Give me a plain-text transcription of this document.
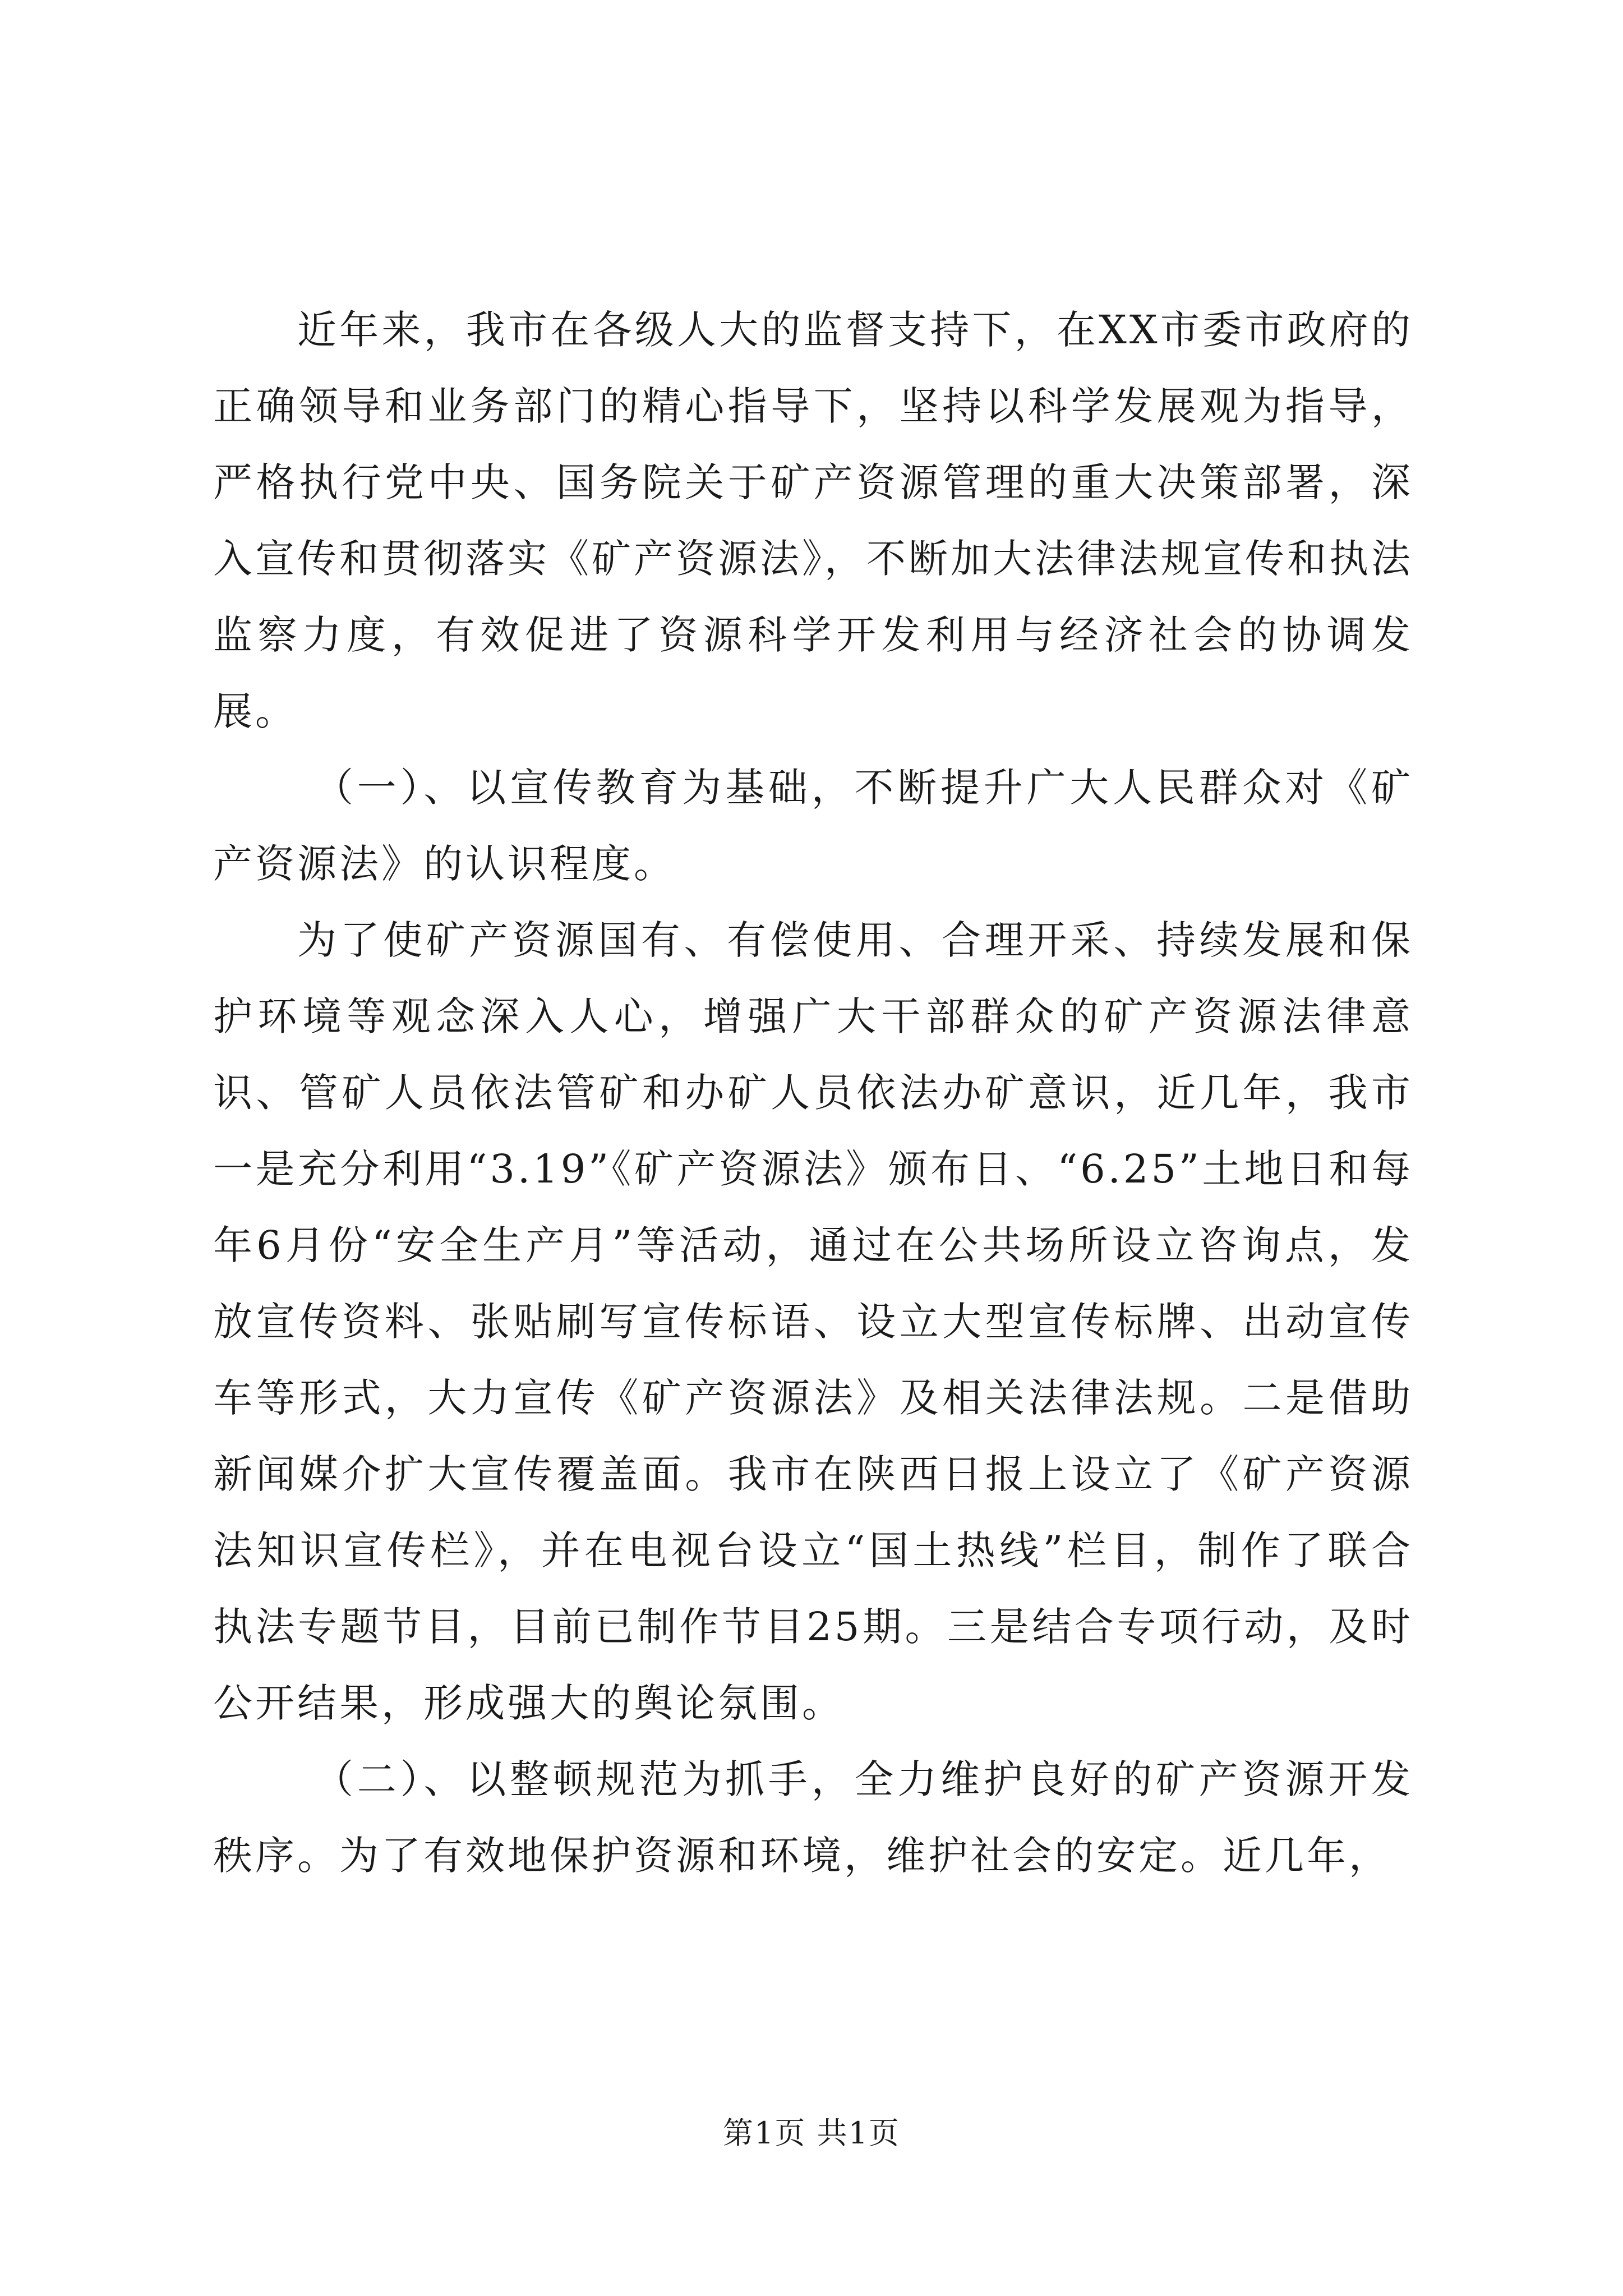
近年来，我市在各级人大的监督支持下，在XX市委市政府的正确领导和业务部门的精心指导下，坚持以科学发展观为指导，严格执行党中央、国务院关于矿产资源管理的重大决策部署，深入宣传和贯彻落实《矿产资源法》，不断加大法律法规宣传和执法监察力度，有效促进了资源科学开发利用与经济社会的协调发展。

（一）、以宣传教育为基础，不断提升广大人民群众对《矿产资源法》的认识程度。

为了使矿产资源国有、有偿使用、合理开采、持续发展和保护环境等观念深入人心，增强广大干部群众的矿产资源法律意识、管矿人员依法管矿和办矿人员依法办矿意识，近几年，我市一是充分利用“3.19”《矿产资源法》颁布日、“6.25”土地日和每年6月份“安全生产月”等活动，通过在公共场所设立咨询点，发放宣传资料、张贴刷写宣传标语、设立大型宣传标牌、出动宣传车等形式，大力宣传《矿产资源法》及相关法律法规。二是借助新闻媒介扩大宣传覆盖面。我市在陕西日报上设立了《矿产资源法知识宣传栏》，并在电视台设立“国土热线”栏目，制作了联合执法专题节目，目前已制作节目25期。三是结合专项行动，及时公开结果，形成强大的舆论氛围。

（二）、以整顿规范为抓手，全力维护良好的矿产资源开发秩序。为了有效地保护资源和环境，维护社会的安定。近几年，

第1页 共1页
